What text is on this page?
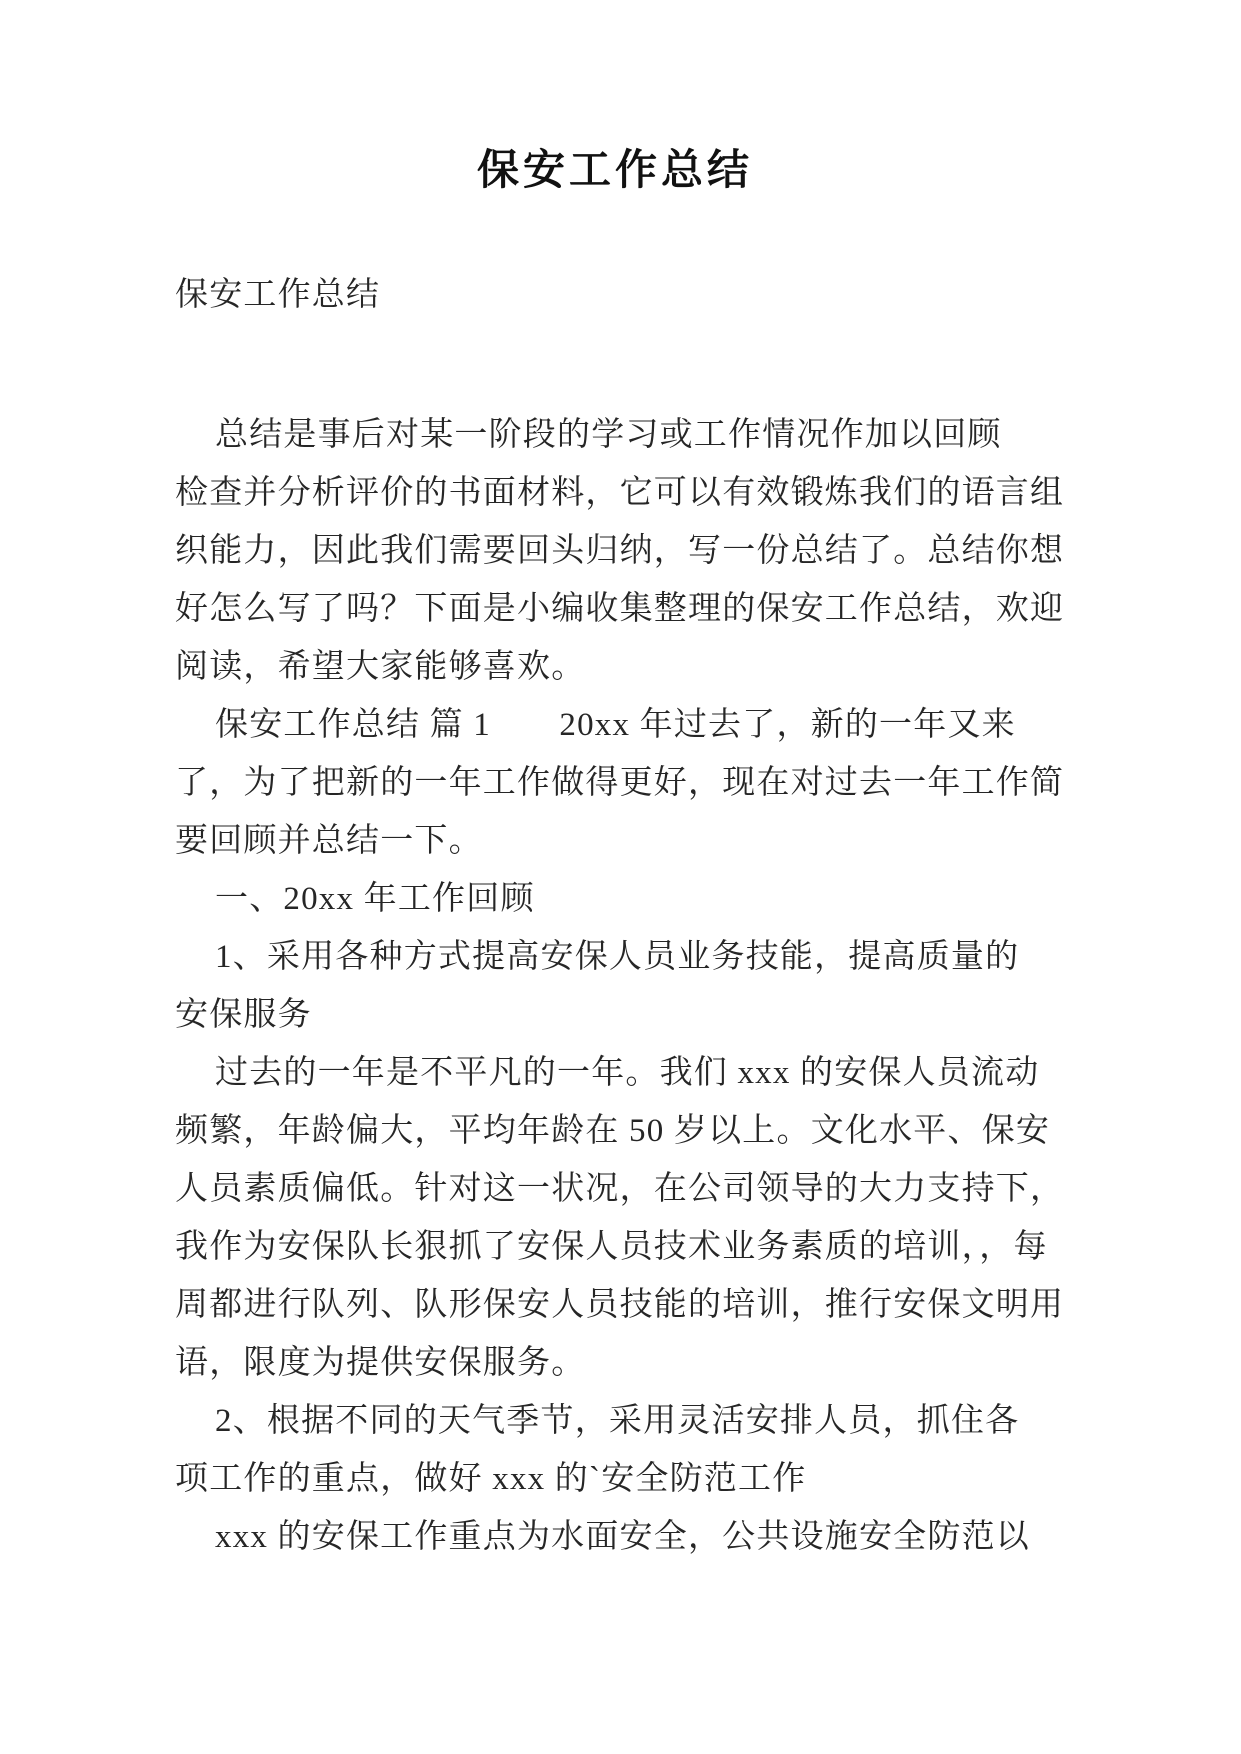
保安工作总结
保安工作总结
总结是事后对某一阶段的学习或工作情况作加以回顾
检查并分析评价的书面材料，它可以有效锻炼我们的语言组
织能力，因此我们需要回头归纳，写一份总结了。总结你想
好怎么写了吗？下面是小编收集整理的保安工作总结，欢迎
阅读，希望大家能够喜欢。
保安工作总结 篇 1　　20xx 年过去了，新的一年又来
了，为了把新的一年工作做得更好，现在对过去一年工作简
要回顾并总结一下。
一、20xx 年工作回顾
1、采用各种方式提高安保人员业务技能，提高质量的
安保服务
过去的一年是不平凡的一年。我们 xxx 的安保人员流动
频繁，年龄偏大，平均年龄在 50 岁以上。文化水平、保安
人员素质偏低。针对这一状况，在公司领导的大力支持下，
我作为安保队长狠抓了安保人员技术业务素质的培训，，每
周都进行队列、队形保安人员技能的培训，推行安保文明用
语，限度为提供安保服务。
2、根据不同的天气季节，采用灵活安排人员，抓住各
项工作的重点，做好 xxx 的`安全防范工作
xxx 的安保工作重点为水面安全，公共设施安全防范以
